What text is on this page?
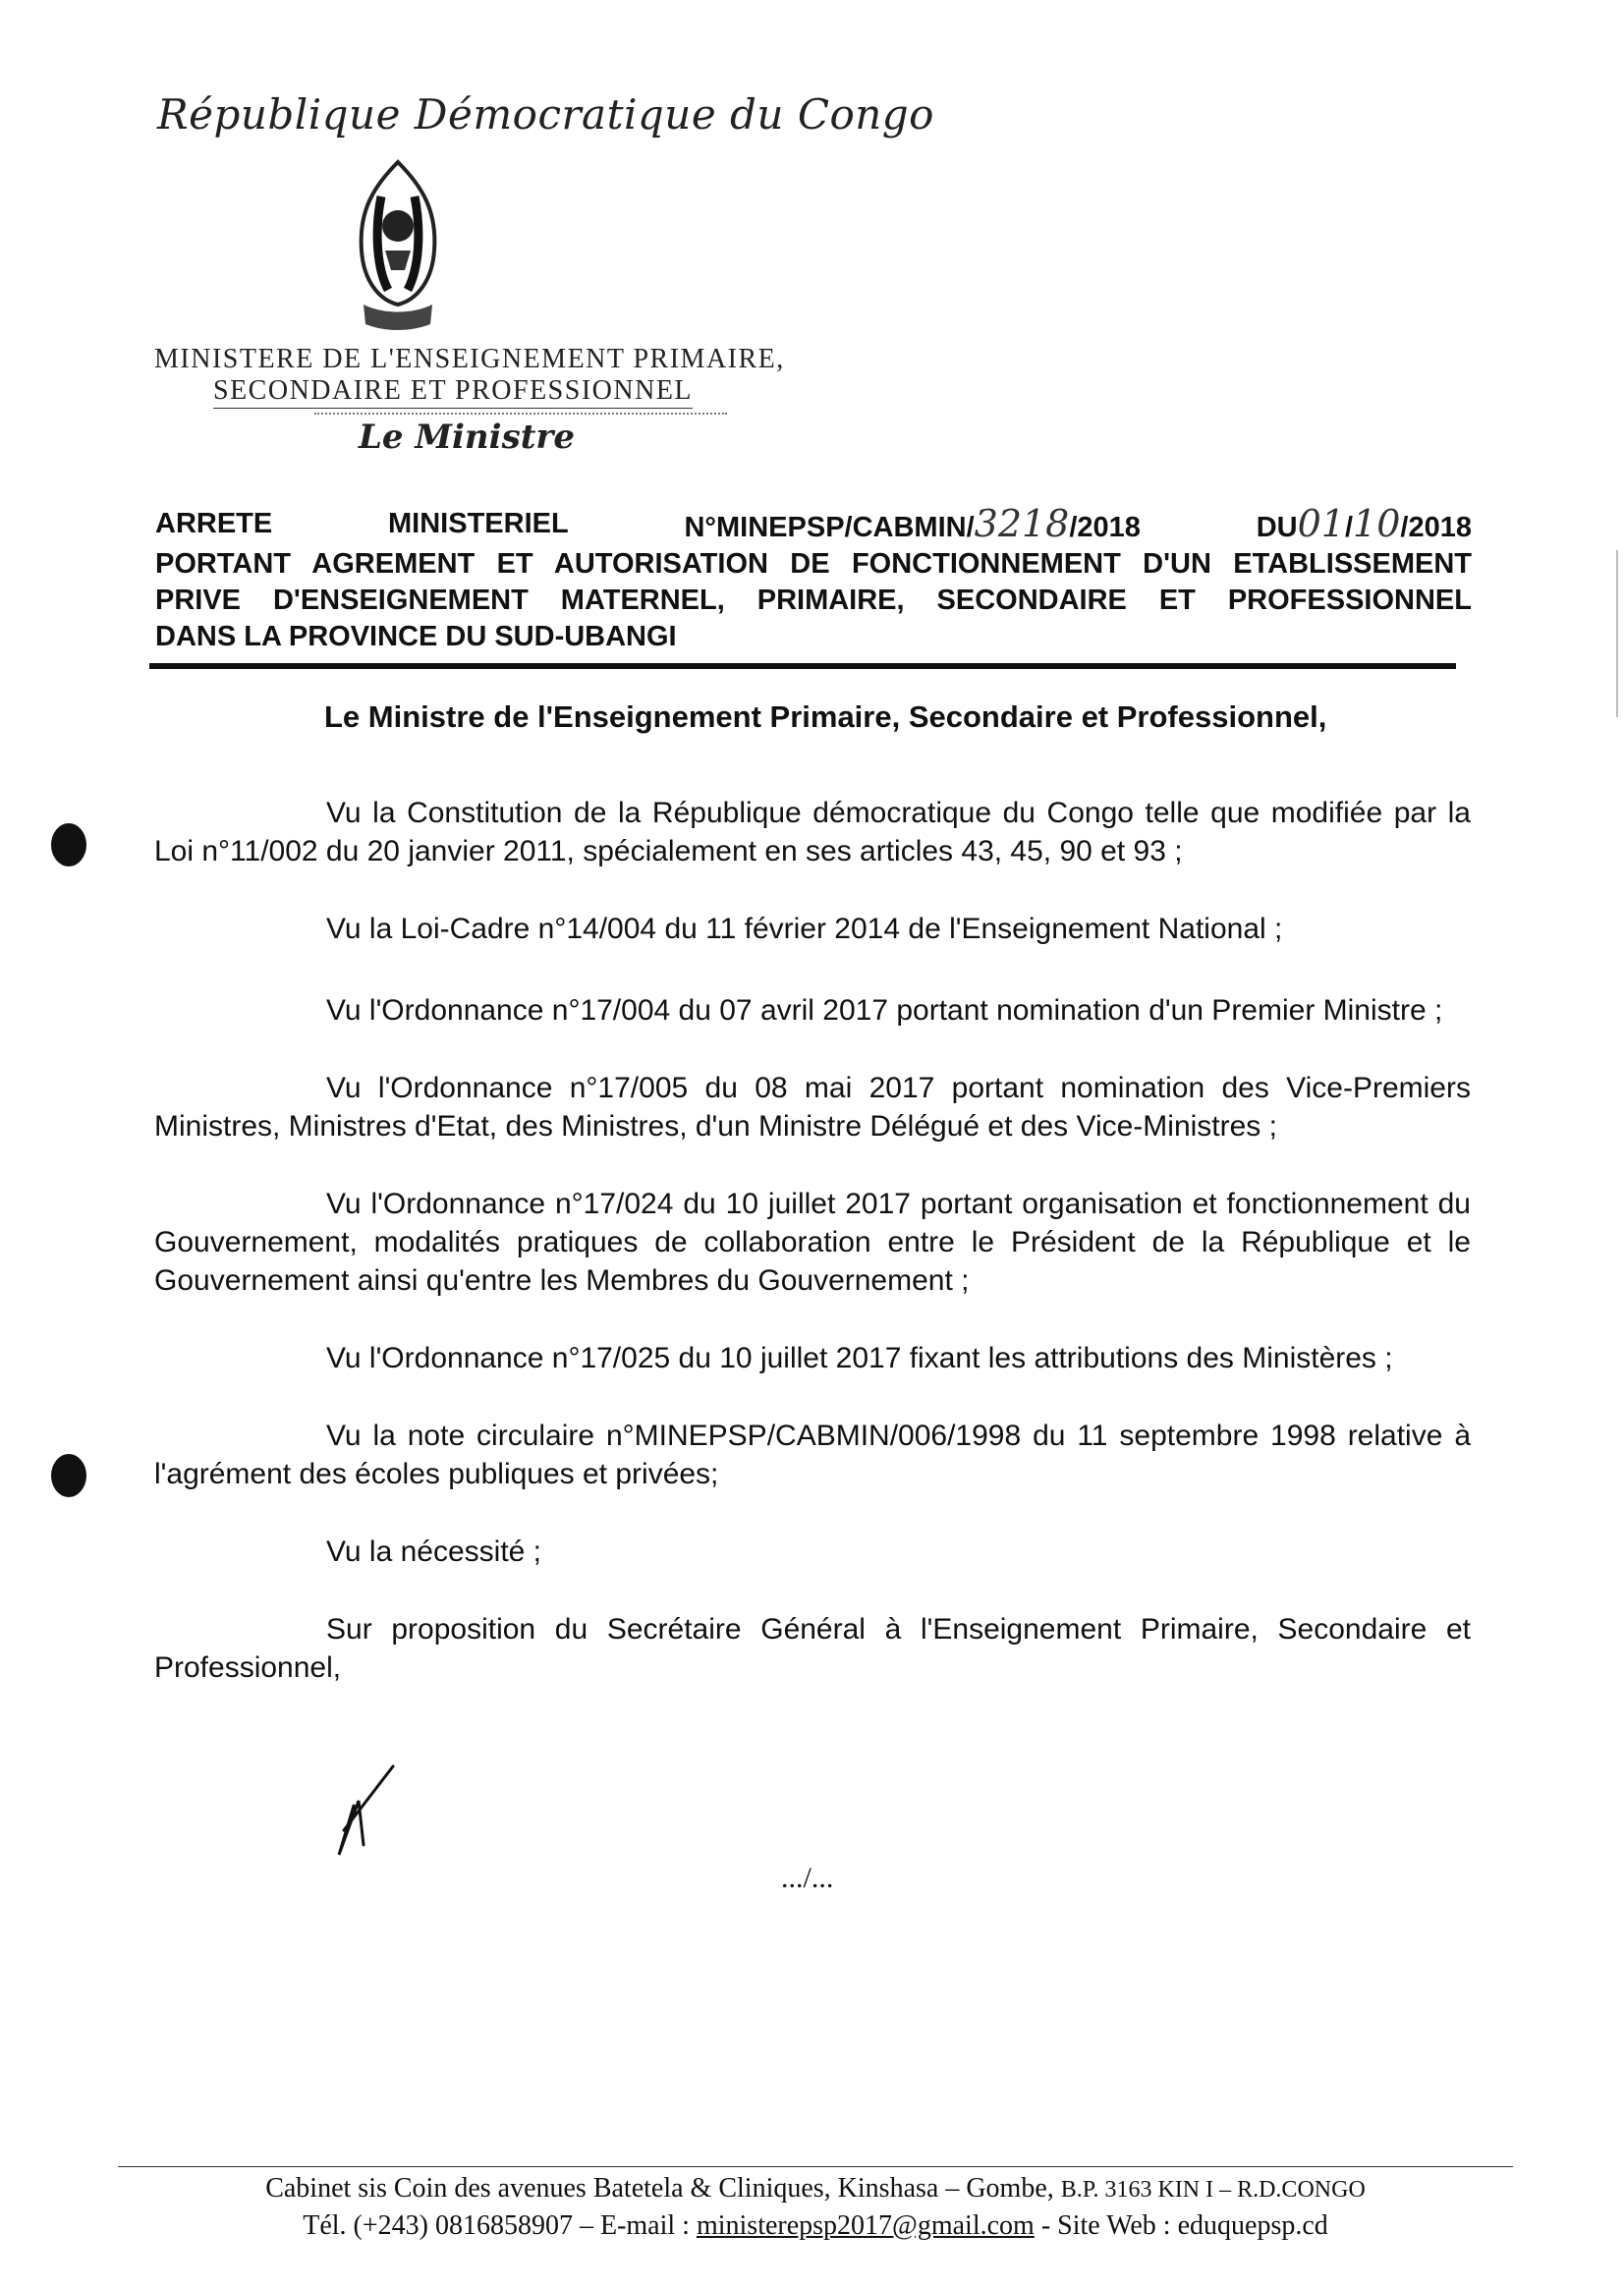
République Démocratique du Congo
MINISTERE DE L'ENSEIGNEMENT PRIMAIRE,
SECONDAIRE ET PROFESSIONNEL
Le Ministre
ARRETE	MINISTERIEL	N°MINEPSP/CABMIN/3218/2018	DU01/10/2018
PORTANT AGREMENT ET AUTORISATION DE FONCTIONNEMENT D'UN ETABLISSEMENT
PRIVE D'ENSEIGNEMENT MATERNEL, PRIMAIRE, SECONDAIRE ET PROFESSIONNEL
DANS LA PROVINCE DU SUD-UBANGI
Le Ministre de l'Enseignement Primaire, Secondaire et Professionnel,

Vu la Constitution de la République démocratique du Congo telle que modifiée par la Loi n°11/002 du 20 janvier 2011, spécialement en ses articles 43, 45, 90 et 93 ;

Vu la Loi-Cadre n°14/004 du 11 février 2014 de l'Enseignement National ;

Vu l'Ordonnance n°17/004 du 07 avril 2017 portant nomination d'un Premier Ministre ;

Vu l'Ordonnance n°17/005 du 08 mai 2017 portant nomination des Vice-Premiers Ministres, Ministres d'Etat, des Ministres, d'un Ministre Délégué et des Vice-Ministres ;

Vu l'Ordonnance n°17/024 du 10 juillet 2017 portant organisation et fonctionnement du Gouvernement, modalités pratiques de collaboration entre le Président de la République et le Gouvernement ainsi qu'entre les Membres du Gouvernement ;

Vu l'Ordonnance n°17/025 du 10 juillet 2017 fixant les attributions des Ministères ;

Vu la note circulaire n°MINEPSP/CABMIN/006/1998 du 11 septembre 1998 relative à l'agrément des écoles publiques et privées;

Vu la nécessité ;

Sur proposition du Secrétaire Général à l'Enseignement Primaire, Secondaire et Professionnel,

.../...
Cabinet sis Coin des avenues Batetela & Cliniques, Kinshasa – Gombe, B.P. 3163 KIN I – R.D.CONGO
Tél. (+243) 0816858907 – E-mail : ministerepsp2017@gmail.com - Site Web : eduquepsp.cd
